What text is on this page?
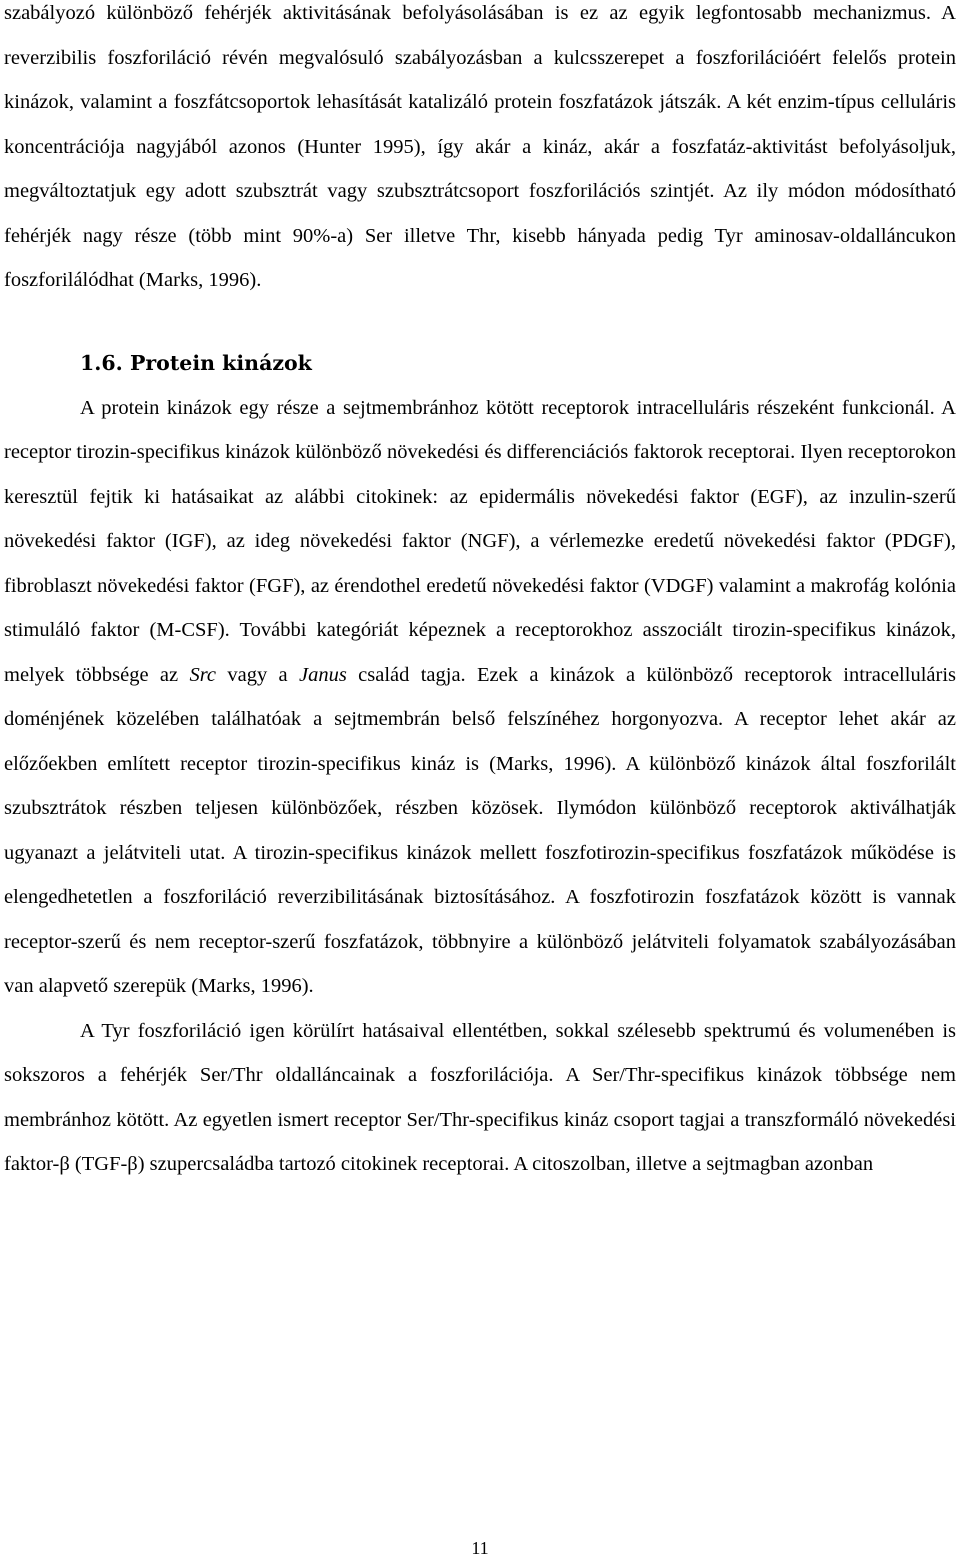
szabályozó különböző fehérjék aktivitásának befolyásolásában is ez az egyik legfontosabb mechanizmus. A reverzibilis foszforiláció révén megvalósuló szabályozásban a kulcsszerepet a foszforilációért felelős protein kinázok, valamint a foszfátcsoportok lehasítását katalizáló protein foszfatázok játszák. A két enzim-típus celluláris koncentrációja nagyjából azonos (Hunter 1995), így akár a kináz, akár a foszfatáz-aktivitást befolyásoljuk, megváltoztatjuk egy adott szubsztrát vagy szubsztrátcsoport foszforilációs szintjét. Az ily módon módosítható fehérjék nagy része (több mint 90%-a) Ser illetve Thr, kisebb hányada pedig Tyr aminosav-oldalláncukon foszforilálódhat (Marks, 1996).

1.6. Protein kinázok

A protein kinázok egy része a sejtmembránhoz kötött receptorok intracelluláris részeként funkcionál. A receptor tirozin-specifikus kinázok különböző növekedési és differenciációs faktorok receptorai. Ilyen receptorokon keresztül fejtik ki hatásaikat az alábbi citokinek: az epidermális növekedési faktor (EGF), az inzulin-szerű növekedési faktor (IGF), az ideg növekedési faktor (NGF), a vérlemezke eredetű növekedési faktor (PDGF), fibroblaszt növekedési faktor (FGF), az érendothel eredetű növekedési faktor (VDGF) valamint a makrofág kolónia stimuláló faktor (M-CSF). További kategóriát képeznek a receptorokhoz asszociált tirozin-specifikus kinázok, melyek többsége az Src vagy a Janus család tagja. Ezek a kinázok a különböző receptorok intracelluláris doménjének közelében találhatóak a sejtmembrán belső felszínéhez horgonyozva. A receptor lehet akár az előzőekben említett receptor tirozin-specifikus kináz is (Marks, 1996). A különböző kinázok által foszforilált szubsztrátok részben teljesen különbözőek, részben közösek. Ilymódon különböző receptorok aktiválhatják ugyanazt a jelátviteli utat. A tirozin-specifikus kinázok mellett foszfotirozin-specifikus foszfatázok működése is elengedhetetlen a foszforiláció reverzibilitásának biztosításához. A foszfotirozin foszfatázok között is vannak receptor-szerű és nem receptor-szerű foszfatázok, többnyire a különböző jelátviteli folyamatok szabályozásában van alapvető szerepük (Marks, 1996).

A Tyr foszforiláció igen körülírt hatásaival ellentétben, sokkal szélesebb spektrumú és volumenében is sokszoros a fehérjék Ser/Thr oldalláncainak a foszforilációja. A Ser/Thr-specifikus kinázok többsége nem membránhoz kötött. Az egyetlen ismert receptor Ser/Thr-specifikus kináz csoport tagjai a transzformáló növekedési faktor-β (TGF-β) szupercsaládba tartozó citokinek receptorai. A citoszolban, illetve a sejtmagban azonban

11
